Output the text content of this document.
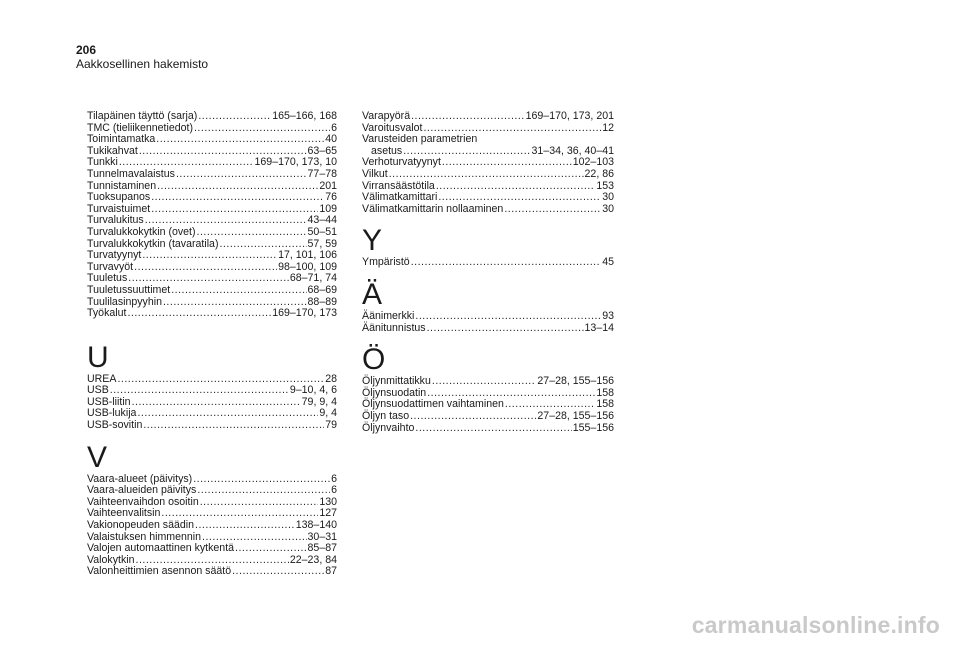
206
Aakkosellinen hakemisto
Tilapäinen täyttö (sarja) .....	165–166, 168
TMC (tieliikennetiedot) .....	6
Toimintamatka .....	40
Tukikahvat .....	63–65
Tunkki .....	169–170, 173, 10
Tunnelmavalaistus .....	77–78
Tunnistaminen .....	201
Tuoksupanos .....	76
Turvaistuimet .....	109
Turvalukitus .....	43–44
Turvalukkokytkin (ovet) .....	50–51
Turvalukkokytkin (tavaratila) .....	57, 59
Turvatyynyt .....	17, 101, 106
Turvavyöt .....	98–100, 109
Tuuletus .....	68–71, 74
Tuuletussuuttimet .....	68–69
Tuulilasinpyyhin .....	88–89
Työkalut .....	169–170, 173
U
UREA .....	28
USB .....	9–10, 4, 6
USB-liitin .....	79, 9, 4
USB-lukija .....	9, 4
USB-sovitin .....	79
V
Vaara-alueet (päivitys) .....	6
Vaara-alueiden päivitys .....	6
Vaihteenvaihdon osoitin .....	130
Vaihteenvalitsin .....	127
Vakionopeuden säädin .....	138–140
Valaistuksen himmennin .....	30–31
Valojen automaattinen kytkentä .....	85–87
Valokytkin .....	22–23, 84
Valonheittimien asennon säätö .....	87
Varapyörä .....	169–170, 173, 201
Varoitusvalot .....	12
Varusteiden parametrien
asetus .....	31–34, 36, 40–41
Verhoturvatyynyt .....	102–103
Vilkut .....	22, 86
Virransäästötila .....	153
Välimatkamittari .....	30
Välimatkamittarin nollaaminen .....	30
Y
Ympäristö .....	45
Ä
Äänimerkki .....	93
Äänitunnistus .....	13–14
Ö
Öljynmittatikku .....	27–28, 155–156
Öljynsuodatin .....	158
Öljynsuodattimen vaihtaminen .....	158
Öljyn taso .....	27–28, 155–156
Öljynvaihto .....	155–156
carmanualsonline.info
